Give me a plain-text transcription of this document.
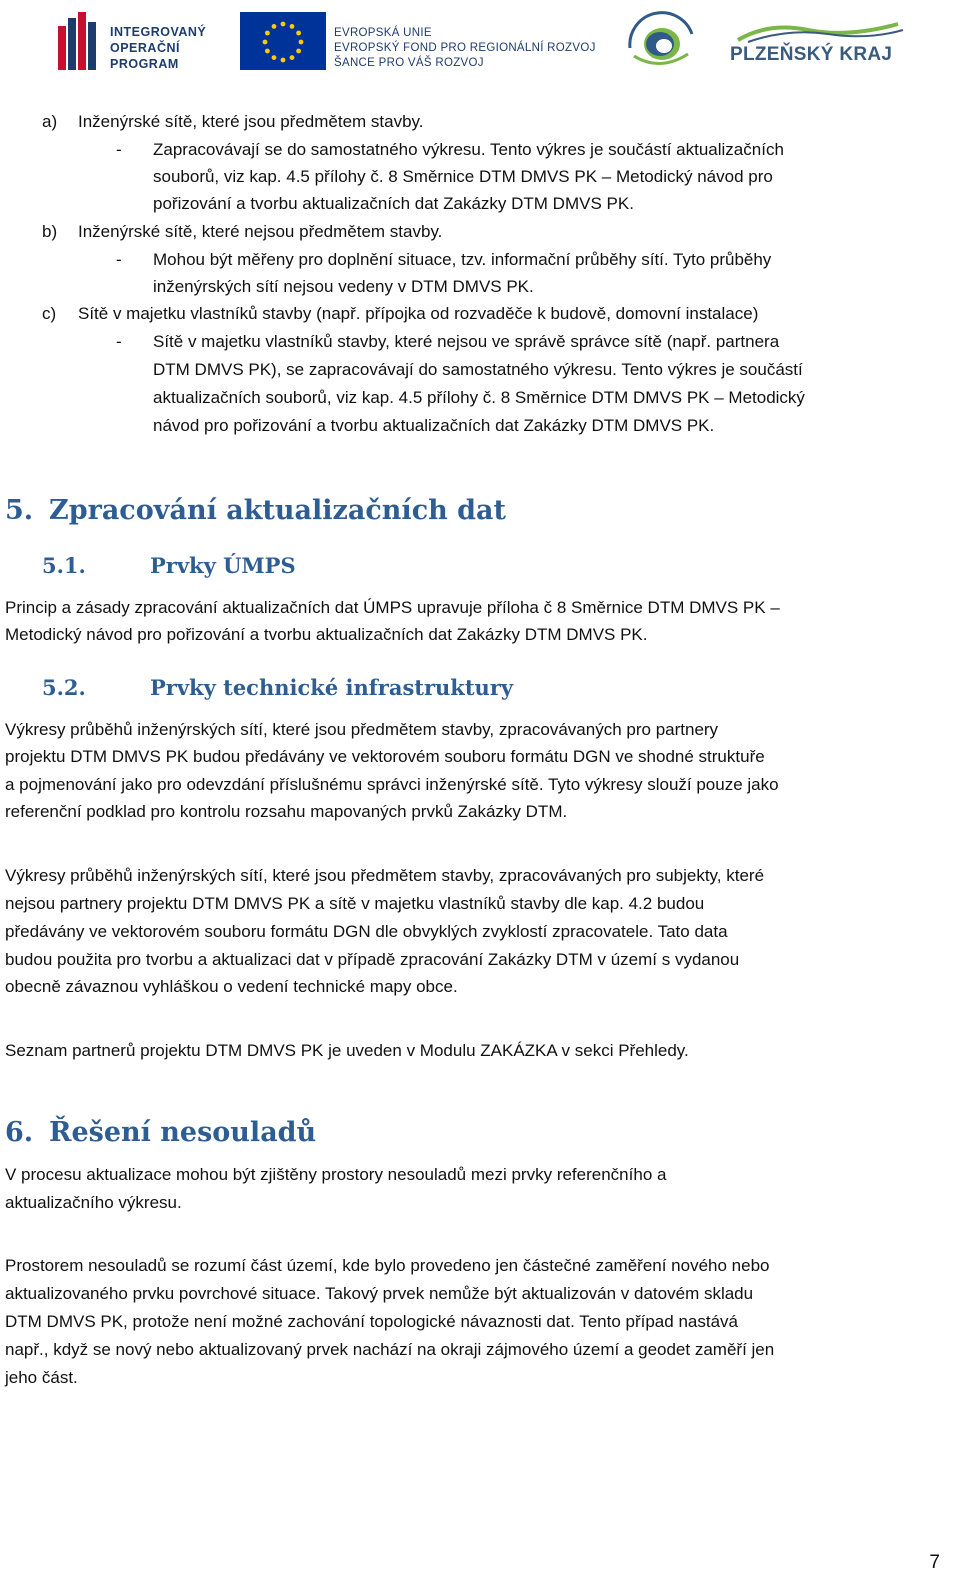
INTEGROVANÝ
OPERAČNÍ
PROGRAM
EVROPSKÁ UNIE
EVROPSKÝ FOND PRO REGIONÁLNÍ ROZVOJ
ŠANCE PRO VÁŠ ROZVOJ	PLZEŇSKÝ KRAJ

a) Inženýrské sítě, které jsou předmětem stavby.

- Zapracovávají se do samostatného výkresu. Tento výkres je součástí aktualizačních

souborů, viz kap. 4.5 přílohy č. 8 Směrnice DTM DMVS PK – Metodický návod pro

pořizování a tvorbu aktualizačních dat Zakázky DTM DMVS PK.

b) Inženýrské sítě, které nejsou předmětem stavby.

- Mohou být měřeny pro doplnění situace, tzv. informační průběhy sítí. Tyto průběhy

inženýrských sítí nejsou vedeny v DTM DMVS PK.

c) Sítě v majetku vlastníků stavby (např. přípojka od rozvaděče k budově, domovní instalace)

- Sítě v majetku vlastníků stavby, které nejsou ve správě správce sítě (např. partnera

DTM DMVS PK), se zapracovávají do samostatného výkresu. Tento výkres je součástí

aktualizačních souborů, viz kap. 4.5 přílohy č. 8 Směrnice DTM DMVS PK – Metodický

návod pro pořizování a tvorbu aktualizačních dat Zakázky DTM DMVS PK.

5. Zpracování aktualizačních dat
5.1.	Prvky ÚMPS

Princip a zásady zpracování aktualizačních dat ÚMPS upravuje příloha č 8 Směrnice DTM DMVS PK –

Metodický návod pro pořizování a tvorbu aktualizačních dat Zakázky DTM DMVS PK.

5.2.	Prvky technické infrastruktury

Výkresy průběhů inženýrských sítí, které jsou předmětem stavby, zpracovávaných pro partnery

projektu DTM DMVS PK budou předávány ve vektorovém souboru formátu DGN ve shodné struktuře

a pojmenování jako pro odevzdání příslušnému správci inženýrské sítě. Tyto výkresy slouží pouze jako

referenční podklad pro kontrolu rozsahu mapovaných prvků Zakázky DTM.

Výkresy průběhů inženýrských sítí, které jsou předmětem stavby, zpracovávaných pro subjekty, které

nejsou partnery projektu DTM DMVS PK a sítě v majetku vlastníků stavby dle kap. 4.2 budou

předávány ve vektorovém souboru formátu DGN dle obvyklých zvyklostí zpracovatele. Tato data

budou použita pro tvorbu a aktualizaci dat v případě zpracování Zakázky DTM v území s vydanou

obecně závaznou vyhláškou o vedení technické mapy obce.

Seznam partnerů projektu DTM DMVS PK je uveden v Modulu ZAKÁZKA v sekci Přehledy.

6. Řešení nesouladů

V procesu aktualizace mohou být zjištěny prostory nesouladů mezi prvky referenčního a

aktualizačního výkresu.

Prostorem nesouladů se rozumí část území, kde bylo provedeno jen částečné zaměření nového nebo

aktualizovaného prvku povrchové situace. Takový prvek nemůže být aktualizován v datovém skladu

DTM DMVS PK, protože není možné zachování topologické návaznosti dat. Tento případ nastává

např., když se nový nebo aktualizovaný prvek nachází na okraji zájmového území a geodet zaměří jen

jeho část.

7
